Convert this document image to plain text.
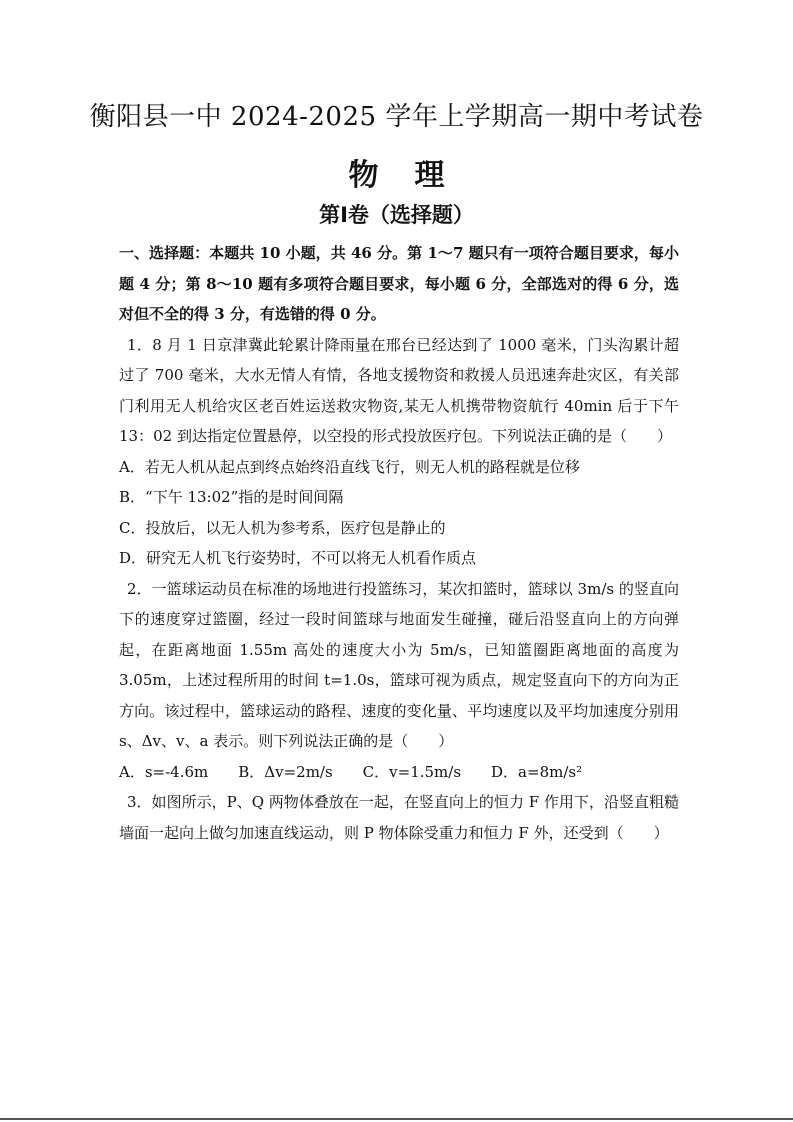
衡阳县一中 2024-2025 学年上学期高一期中考试卷
物 理
第Ⅰ卷（选择题）

一、选择题：本题共 10 小题，共 46 分。第 1～7 题只有一项符合题目要求，每小题 4 分；第 8～10 题有多项符合题目要求，每小题 6 分，全部选对的得 6 分，选对但不全的得 3 分，有选错的得 0 分。

1．8 月 1 日京津冀此轮累计降雨量在邢台已经达到了 1000 毫米，门头沟累计超过了 700 毫米，大水无情人有情，各地支援物资和救援人员迅速奔赴灾区，有关部门利用无人机给灾区老百姓运送救灾物资,某无人机携带物资航行 40min 后于下午 13：02 到达指定位置悬停，以空投的形式投放医疗包。下列说法正确的是（　　）

A．若无人机从起点到终点始终沿直线飞行，则无人机的路程就是位移

B．“下午 13:02”指的是时间间隔

C．投放后，以无人机为参考系，医疗包是静止的

D．研究无人机飞行姿势时，不可以将无人机看作质点

2．一篮球运动员在标准的场地进行投篮练习，某次扣篮时，篮球以 3m/s 的竖直向下的速度穿过篮圈，经过一段时间篮球与地面发生碰撞，碰后沿竖直向上的方向弹起，在距离地面 1.55m 高处的速度大小为 5m/s，已知篮圈距离地面的高度为 3.05m，上述过程所用的时间 t=1.0s，篮球可视为质点，规定竖直向下的方向为正方向。该过程中，篮球运动的路程、速度的变化量、平均速度以及平均加速度分别用 s、Δv、v、a 表示。则下列说法正确的是（　　）

A．s=-4.6m B．Δv=2m/s C．v=1.5m/s D．a=8m/s²

3．如图所示，P、Q 两物体叠放在一起，在竖直向上的恒力 F 作用下，沿竖直粗糙墙面一起向上做匀加速直线运动，则 P 物体除受重力和恒力 F 外，还受到（　　）
